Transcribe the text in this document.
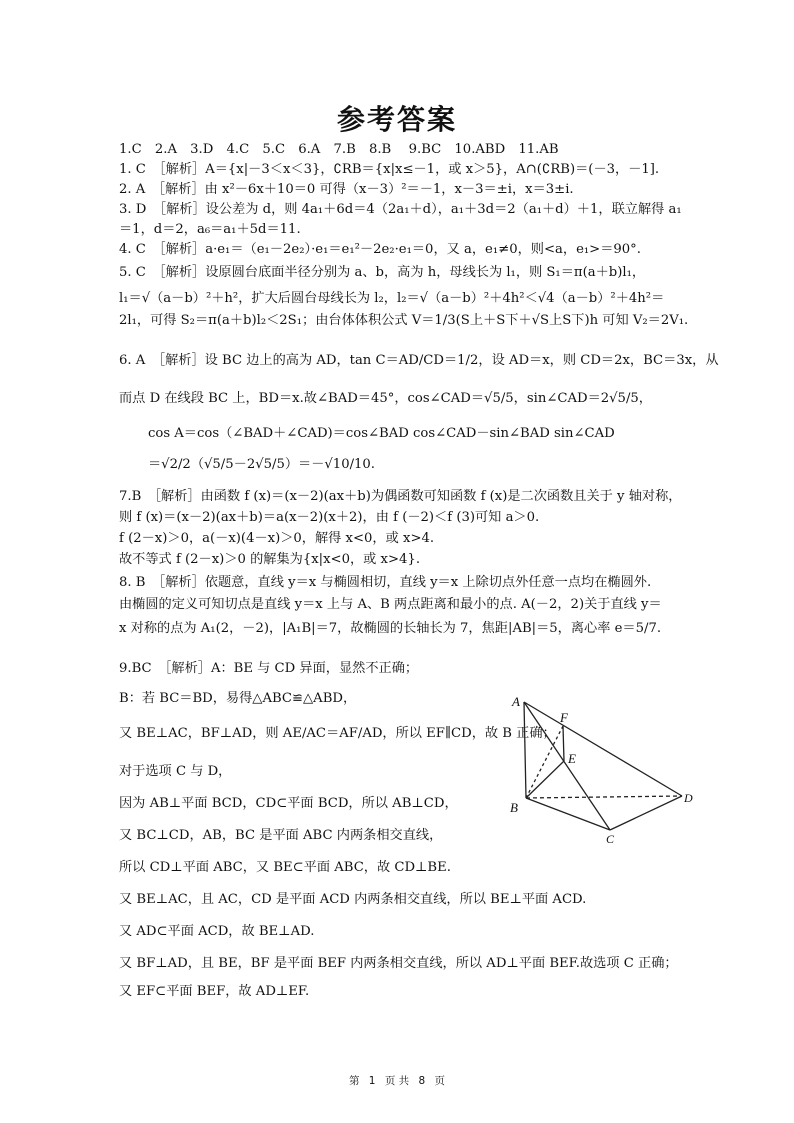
参考答案
1.C　2.A　3.D　4.C　5.C　6.A　7.B　8.B　 9.BC　10.ABD　11.AB
1. C　［解析］A＝{x|－3＜x＜3}，∁RB＝{x|x≤－1，或 x＞5}，A∩(∁RB)＝(－3，－1].
2. A　［解析］由 x²－6x＋10＝0 可得（x－3）²＝－1，x－3＝±i，x＝3±i.
3. D　［解析］设公差为 d，则 4a₁＋6d＝4（2a₁＋d），a₁＋3d＝2（a₁＋d）＋1，联立解得 a₁
＝1，d＝2，a₆＝a₁＋5d＝11.
4. C　［解析］a·e₁＝（e₁－2e₂）·e₁＝e₁²－2e₂·e₁＝0，又 a，e₁≠0，则<a，e₁>＝90°.
5. C　［解析］设原圆台底面半径分别为 a、b，高为 h，母线长为 l₁，则 S₁＝π(a＋b)l₁，
l₁＝√（a－b）²＋h²，扩大后圆台母线长为 l₂，l₂＝√（a－b）²＋4h²＜√4（a－b）²＋4h²＝
2l₁，可得 S₂＝π(a＋b)l₂＜2S₁；由台体体积公式 V＝1/3(S上＋S下＋√S上S下)h 可知 V₂＝2V₁.
6. A　［解析］设 BC 边上的高为 AD，tan C＝AD/CD＝1/2，设 AD＝x，则 CD＝2x，BC＝3x，从
而点 D 在线段 BC 上，BD＝x.故∠BAD＝45°，cos∠CAD＝√5/5，sin∠CAD＝2√5/5，
cos A＝cos（∠BAD＋∠CAD)＝cos∠BAD cos∠CAD－sin∠BAD sin∠CAD
＝√2/2（√5/5－2√5/5）＝－√10/10.
7.B　［解析］由函数 f (x)＝(x－2)(ax＋b)为偶函数可知函数 f (x)是二次函数且关于 y 轴对称，
则 f (x)＝(x－2)(ax＋b)＝a(x－2)(x＋2)，由 f (－2)＜f (3)可知 a＞0.
f (2－x)＞0，a(－x)(4－x)＞0，解得 x<0，或 x>4.
故不等式 f (2－x)＞0 的解集为{x|x<0，或 x>4}.
8. B　［解析］依题意，直线 y＝x 与椭圆相切，直线 y＝x 上除切点外任意一点均在椭圆外.
由椭圆的定义可知切点是直线 y＝x 上与 A、B 两点距离和最小的点. A(－2，2)关于直线 y＝
x 对称的点为 A₁(2，－2)，|A₁B|＝7，故椭圆的长轴长为 7，焦距|AB|＝5，离心率 e＝5/7.
9.BC　［解析］A：BE 与 CD 异面，显然不正确；
B：若 BC＝BD，易得△ABC≌△ABD，
又 BE⊥AC，BF⊥AD，则 AE/AC＝AF/AD，所以 EF∥CD，故 B 正确；
对于选项 C 与 D，
因为 AB⊥平面 BCD，CD⊂平面 BCD，所以 AB⊥CD，
又 BC⊥CD，AB，BC 是平面 ABC 内两条相交直线，
所以 CD⊥平面 ABC，又 BE⊂平面 ABC，故 CD⊥BE.
又 BE⊥AC，且 AC，CD 是平面 ACD 内两条相交直线，所以 BE⊥平面 ACD.
又 AD⊂平面 ACD，故 BE⊥AD.
又 BF⊥AD，且 BE，BF 是平面 BEF 内两条相交直线，所以 AD⊥平面 BEF.故选项 C 正确；
又 EF⊂平面 BEF，故 AD⊥EF.
A
B
C
D
E
F
第 1 页 共 8 页
